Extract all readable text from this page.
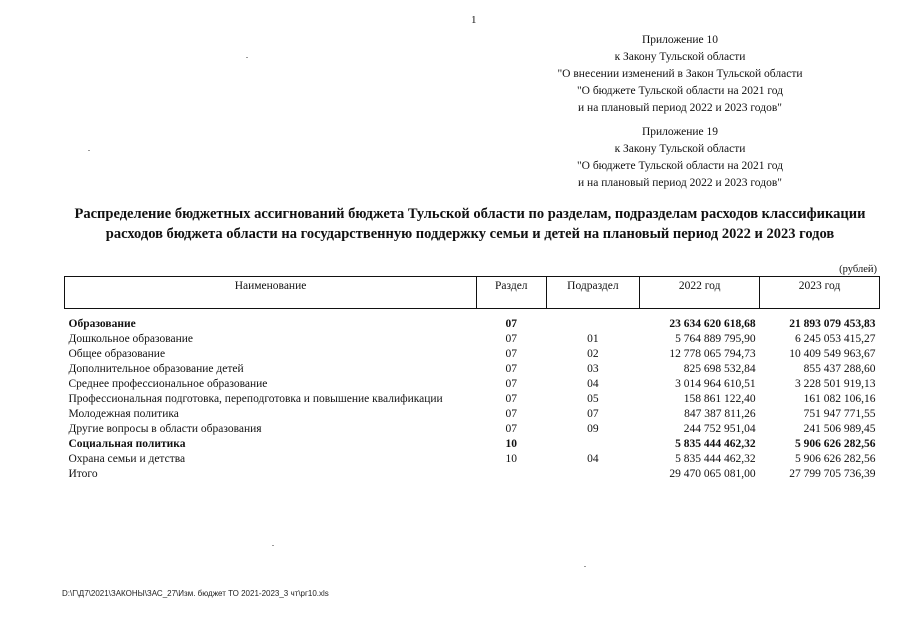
1
Приложение 10
к Закону Тульской области
"О внесении изменений в Закон Тульской области
"О бюджете Тульской области на 2021 год
и на плановый период 2022 и 2023 годов"
Приложение 19
к Закону Тульской области
"О бюджете Тульской области на 2021 год
и на плановый период 2022 и 2023 годов"
Распределение бюджетных ассигнований бюджета Тульской области по разделам, подразделам расходов классификации расходов бюджета области на государственную поддержку семьи и детей на плановый период 2022 и 2023 годов
(рублей)
Наименование	Раздел	Подраздел	2022 год	2023 год

Образование	07		23 634 620 618,68	21 893 079 453,83
Дошкольное образование	07	01	5 764 889 795,90	6 245 053 415,27
Общее образование	07	02	12 778 065 794,73	10 409 549 963,67
Дополнительное образование детей	07	03	825 698 532,84	855 437 288,60
Среднее профессиональное образование	07	04	3 014 964 610,51	3 228 501 919,13
Профессиональная подготовка, переподготовка и повышение квалификации	07	05	158 861 122,40	161 082 106,16
Молодежная политика	07	07	847 387 811,26	751 947 771,55
Другие вопросы в области образования	07	09	244 752 951,04	241 506 989,45
Социальная политика	10		5 835 444 462,32	5 906 626 282,56
Охрана семьи и детства	10	04	5 835 444 462,32	5 906 626 282,56
Итого			29 470 065 081,00	27 799 705 736,39
D:\Г\Д7\2021\ЗАКОНЫ\ЗАС_27\Изм. бюджет ТО 2021-2023_3 чт\рг10.xls
